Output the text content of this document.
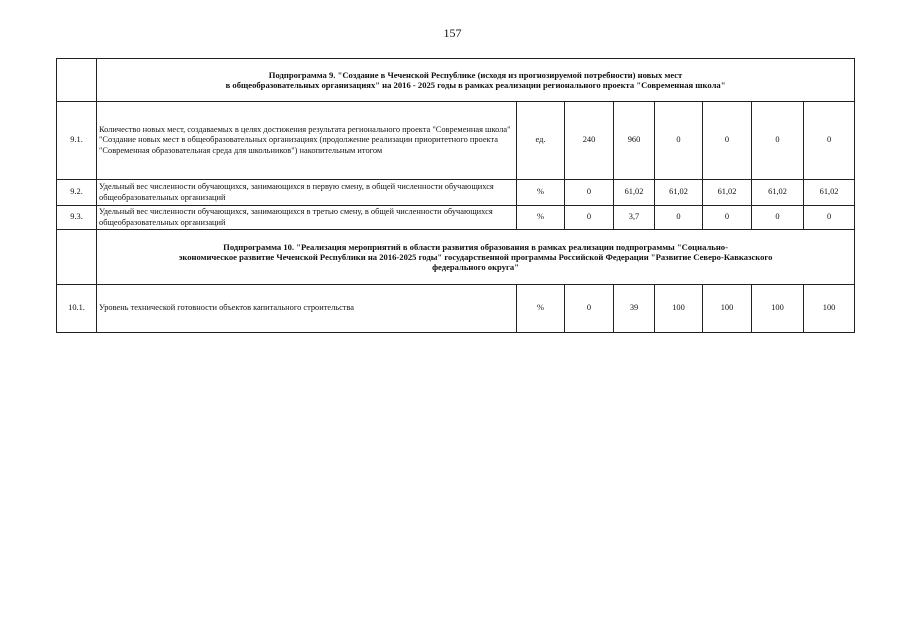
157

	Подпрограмма 9. "Создание в Чеченской Республике (исходя из прогнозируемой потребности) новых мест
в общеобразовательных организациях" на 2016 - 2025 годы в рамках реализации регионального проекта "Современная школа"							

9.1.	Количество новых мест, создаваемых в целях достижения результата регионального проекта "Современная школа" "Создание новых мест в общеобразовательных организациях (продолжение реализации приоритетного проекта "Современная образовательная среда для школьников") накопительным итогом	ед.	240	960	0	0	0	0
9.2.	Удельный вес численности обучающихся, занимающихся в первую смену, в общей численности обучающихся общеобразовательных организаций	%	0	61,02	61,02	61,02	61,02	61,02
9.3.	Удельный вес численности обучающихся, занимающихся в третью смену, в общей численности обучающихся общеобразовательных организаций	%	0	3,7	0	0	0	0

	Подпрограмма 10. "Реализация мероприятий в области развития образования в рамках реализации подпрограммы "Социально-
экономическое развитие Чеченской Республики на 2016-2025 годы" государственной программы Российской Федерации "Развитие Северо-Кавказского
федерального округа"							

10.1.	Уровень технической готовности объектов капитального строительства	%	0	39	100	100	100	100
